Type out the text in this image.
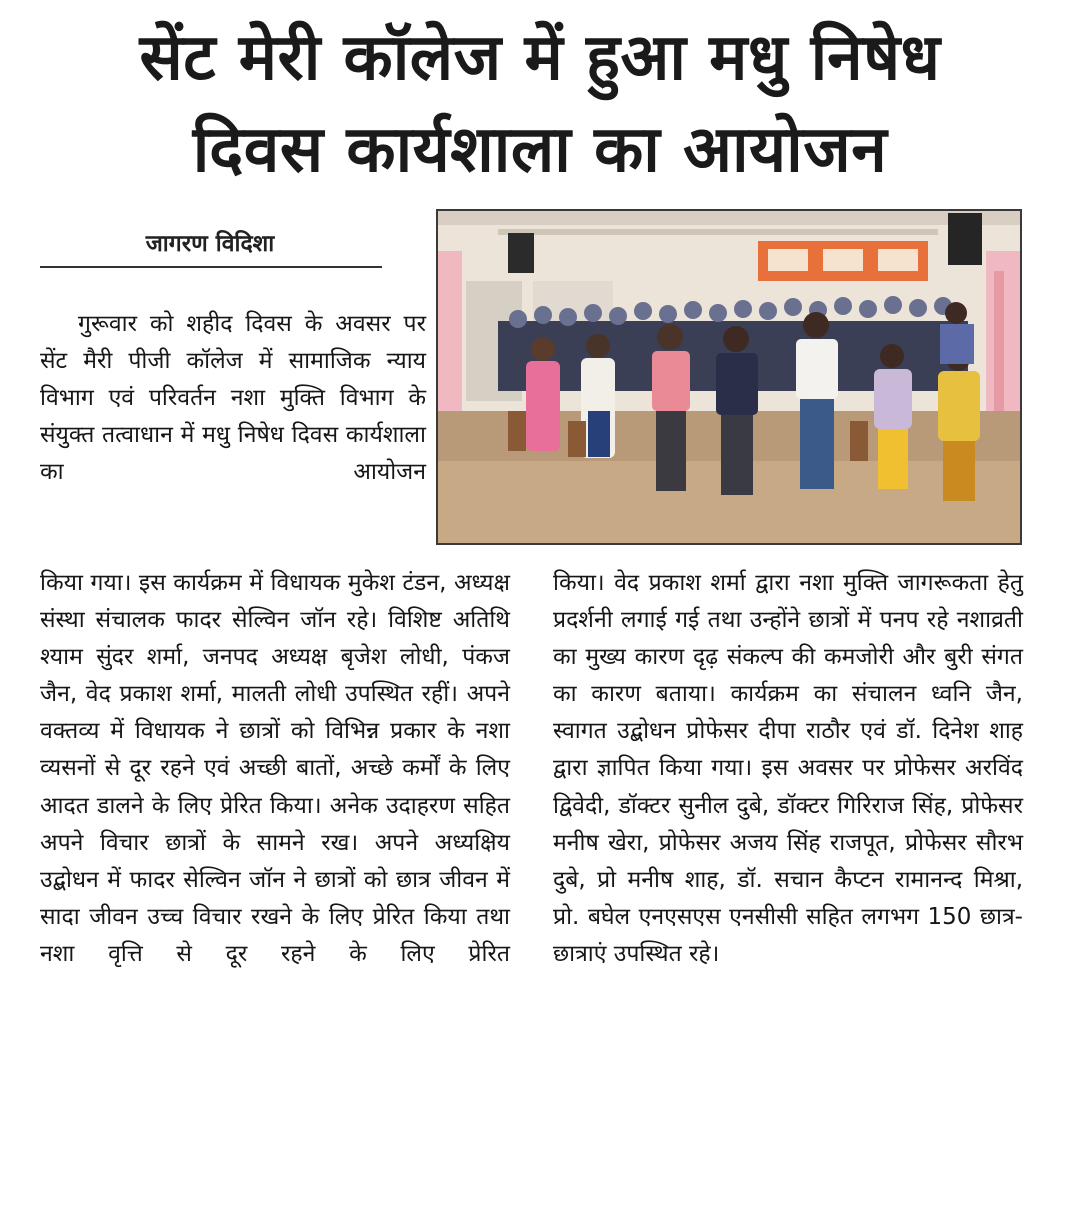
सेंट मेरी कॉलेज में हुआ मधु निषेध
दिवस कार्यशाला का आयोजन
जागरण विदिशा

गुरूवार को शहीद दिवस के अवसर पर सेंट मैरी पीजी कॉलेज में सामाजिक न्याय विभाग एवं परिवर्तन नशा मुक्ति विभाग के संयुक्त तत्वाधान में मधु निषेध दिवस कार्यशाला का आयोजन

किया गया। इस कार्यक्रम में विधायक मुकेश टंडन, अध्यक्ष संस्था संचालक फादर सेल्विन जॉन रहे। विशिष्ट अतिथि श्याम सुंदर शर्मा, जनपद अध्यक्ष बृजेश लोधी, पंकज जैन, वेद प्रकाश शर्मा, मालती लोधी उपस्थित रहीं। अपने वक्तव्य में विधायक ने छात्रों को विभिन्न प्रकार के नशा व्यसनों से दूर रहने एवं अच्छी बातों, अच्छे कर्मों के लिए आदत डालने के लिए प्रेरित किया। अनेक उदाहरण सहित अपने विचार छात्रों के सामने रख। अपने अध्यक्षिय उद्बोधन में फादर सेल्विन जॉन ने छात्रों को छात्र जीवन में सादा जीवन उच्च विचार रखने के लिए प्रेरित किया तथा नशा वृत्ति से दूर रहने के लिए प्रेरित

किया। वेद प्रकाश शर्मा द्वारा नशा मुक्ति जागरूकता हेतु प्रदर्शनी लगाई गई तथा उन्होंने छात्रों में पनप रहे नशाव्रती का मुख्य कारण दृढ़ संकल्प की कमजोरी और बुरी संगत का कारण बताया। कार्यक्रम का संचालन ध्वनि जैन, स्वागत उद्बोधन प्रोफेसर दीपा राठौर एवं डॉ. दिनेश शाह द्वारा ज्ञापित किया गया। इस अवसर पर प्रोफेसर अरविंद द्विवेदी, डॉक्टर सुनील दुबे, डॉक्टर गिरिराज सिंह, प्रोफेसर मनीष खेरा, प्रोफेसर अजय सिंह राजपूत, प्रोफेसर सौरभ दुबे, प्रो मनीष शाह, डॉ. सचान कैप्टन रामानन्द मिश्रा, प्रो. बघेल एनएसएस एनसीसी सहित लगभग 150 छात्र-छात्राएं उपस्थित रहे।
